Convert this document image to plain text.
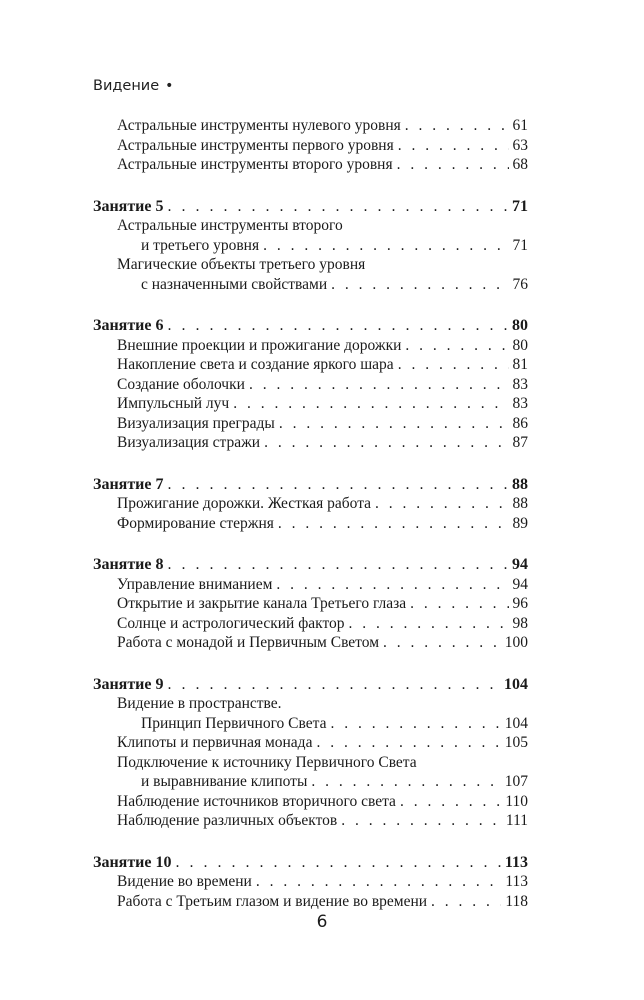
Видение •
Астральные инструменты нулевого уровня . . .	61
Астральные инструменты первого уровня . . .	63
Астральные инструменты второго уровня . . .	68
Занятие 5 . . .	71
Астральные инструменты второго
и третьего уровня . . .	71
Магические объекты третьего уровня
с назначенными свойствами . . .	76
Занятие 6 . . .	80
Внешние проекции и прожигание дорожки . . .	80
Накопление света и создание яркого шара . . .	81
Создание оболочки . . .	83
Импульсный луч . . .	83
Визуализация преграды . . .	86
Визуализация стражи . . .	87
Занятие 7 . . .	88
Прожигание дорожки. Жесткая работа . . .	88
Формирование стержня . . .	89
Занятие 8 . . .	94
Управление вниманием . . .	94
Открытие и закрытие канала Третьего глаза . . .	96
Солнце и астрологический фактор . . .	98
Работа с монадой и Первичным Светом . . .	100
Занятие 9 . . .	104
Видение в пространстве.
Принцип Первичного Света . . .	104
Клипоты и первичная монада . . .	105
Подключение к источнику Первичного Света
и выравнивание клипоты . . .	107
Наблюдение источников вторичного света . . .	110
Наблюдение различных объектов . . .	111
Занятие 10 . . .	113
Видение во времени . . .	113
Работа с Третьим глазом и видение во времени . . .	118
6
